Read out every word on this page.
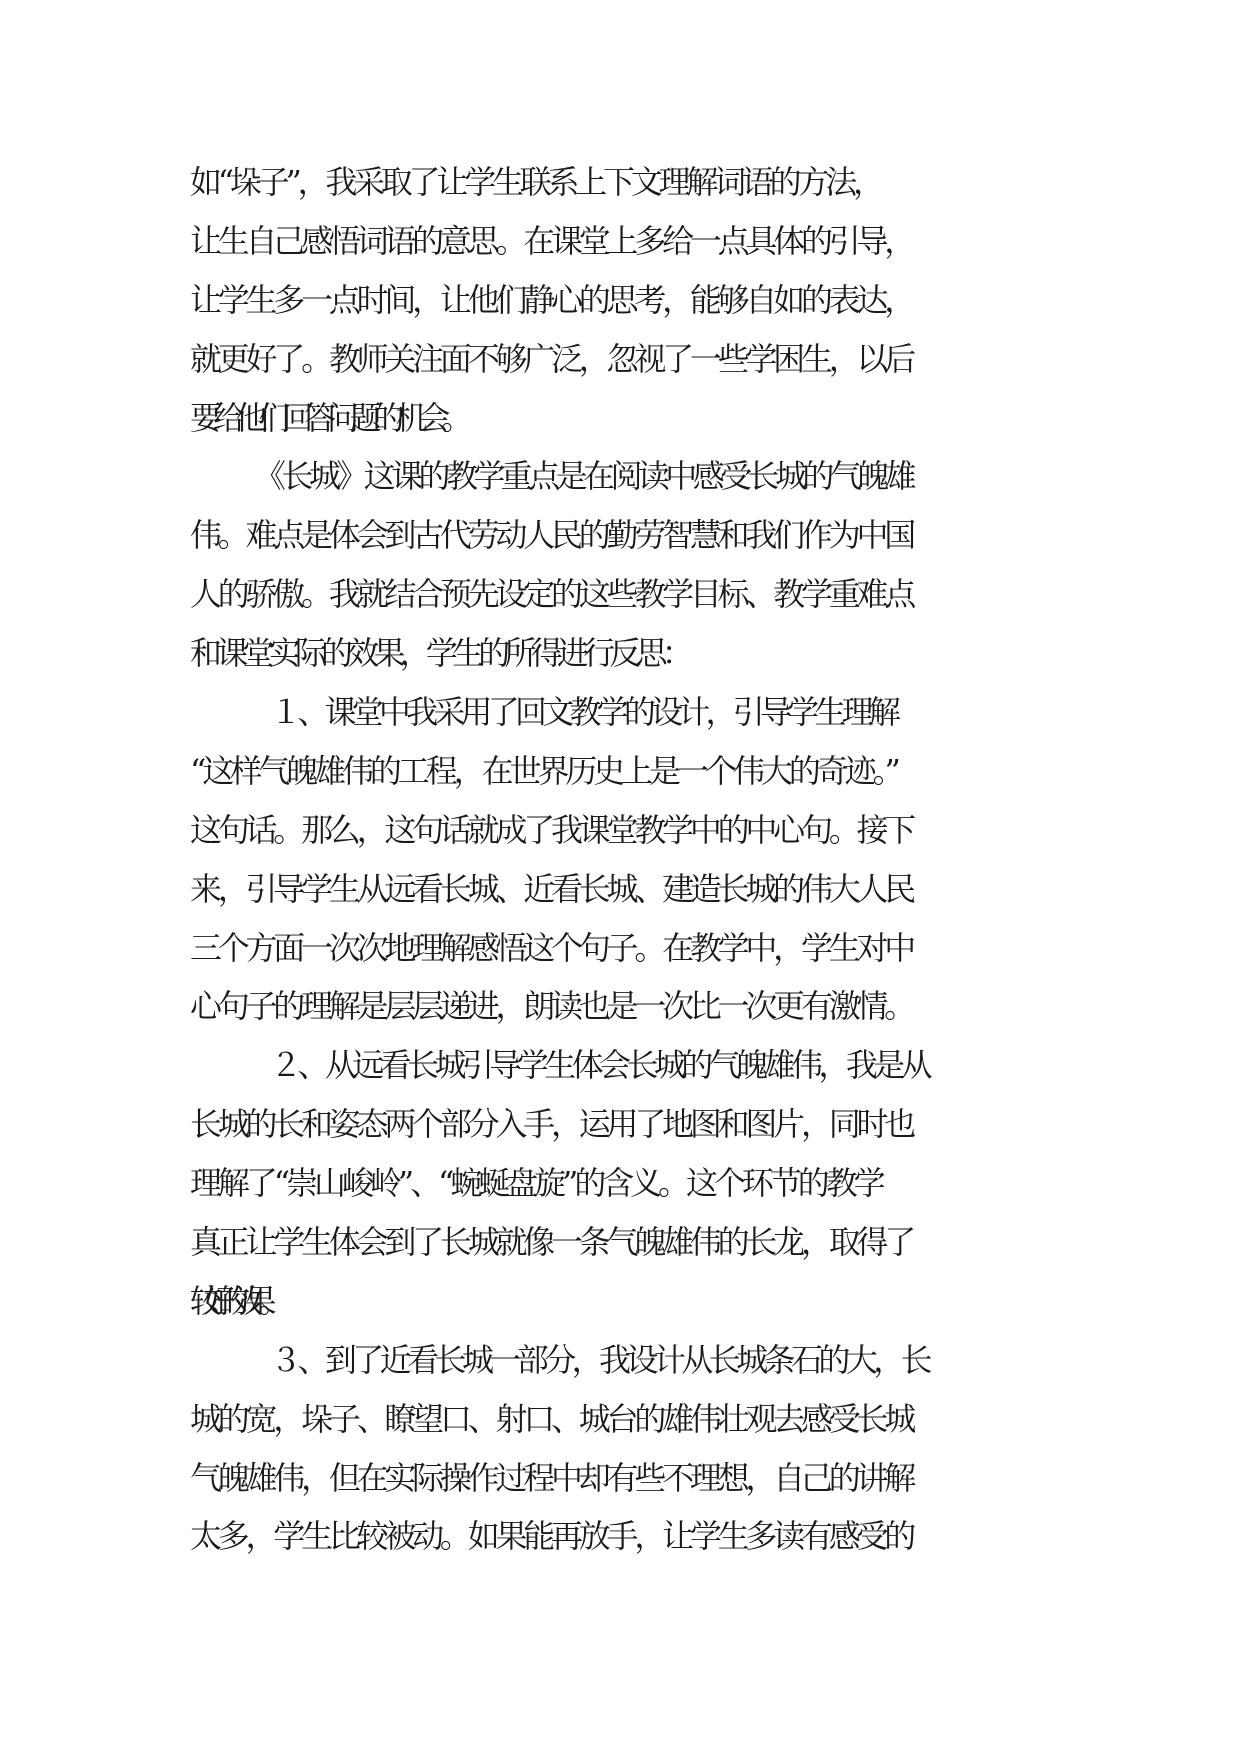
如“垛子”，我采取了让学生联系上下文理解词语的方法，
让生自己感悟词语的意思。在课堂上多给一点具体的引导，
让学生多一点时间，让他们静心的思考，能够自如的表达，
就更好了。教师关注面不够广泛，忽视了一些学困生，以后
要给他们回答问题的机会。
《长城》这课的教学重点是在阅读中感受长城的气魄雄
伟。难点是体会到古代劳动人民的勤劳智慧和我们作为中国
人的骄傲。我就结合预先设定的这些教学目标、教学重难点
和课堂实际的效果，学生的所得进行反思：
１、课堂中我采用了回文教学的设计，引导学生理解
“这样气魄雄伟的工程，在世界历史上是一个伟大的奇迹。”
这句话。那么，这句话就成了我课堂教学中的中心句。接下
来，引导学生从远看长城、近看长城、建造长城的伟大人民
三个方面一次次地理解感悟这个句子。在教学中，学生对中
心句子的理解是层层递进，朗读也是一次比一次更有激情。
２、从远看长城引导学生体会长城的气魄雄伟，我是从
长城的长和姿态两个部分入手，运用了地图和图片，同时也
理解了“崇山峻岭”、“蜿蜒盘旋”的含义。这个环节的教学
真正让学生体会到了长城就像一条气魄雄伟的长龙，取得了
较好的效果。
３、到了近看长城一部分，我设计从长城条石的大，长
城的宽，垛子、瞭望口、射口、城台的雄伟壮观去感受长城
气魄雄伟，但在实际操作过程中却有些不理想，自己的讲解
太多，学生比较被动。如果能再放手，让学生多读有感受的
